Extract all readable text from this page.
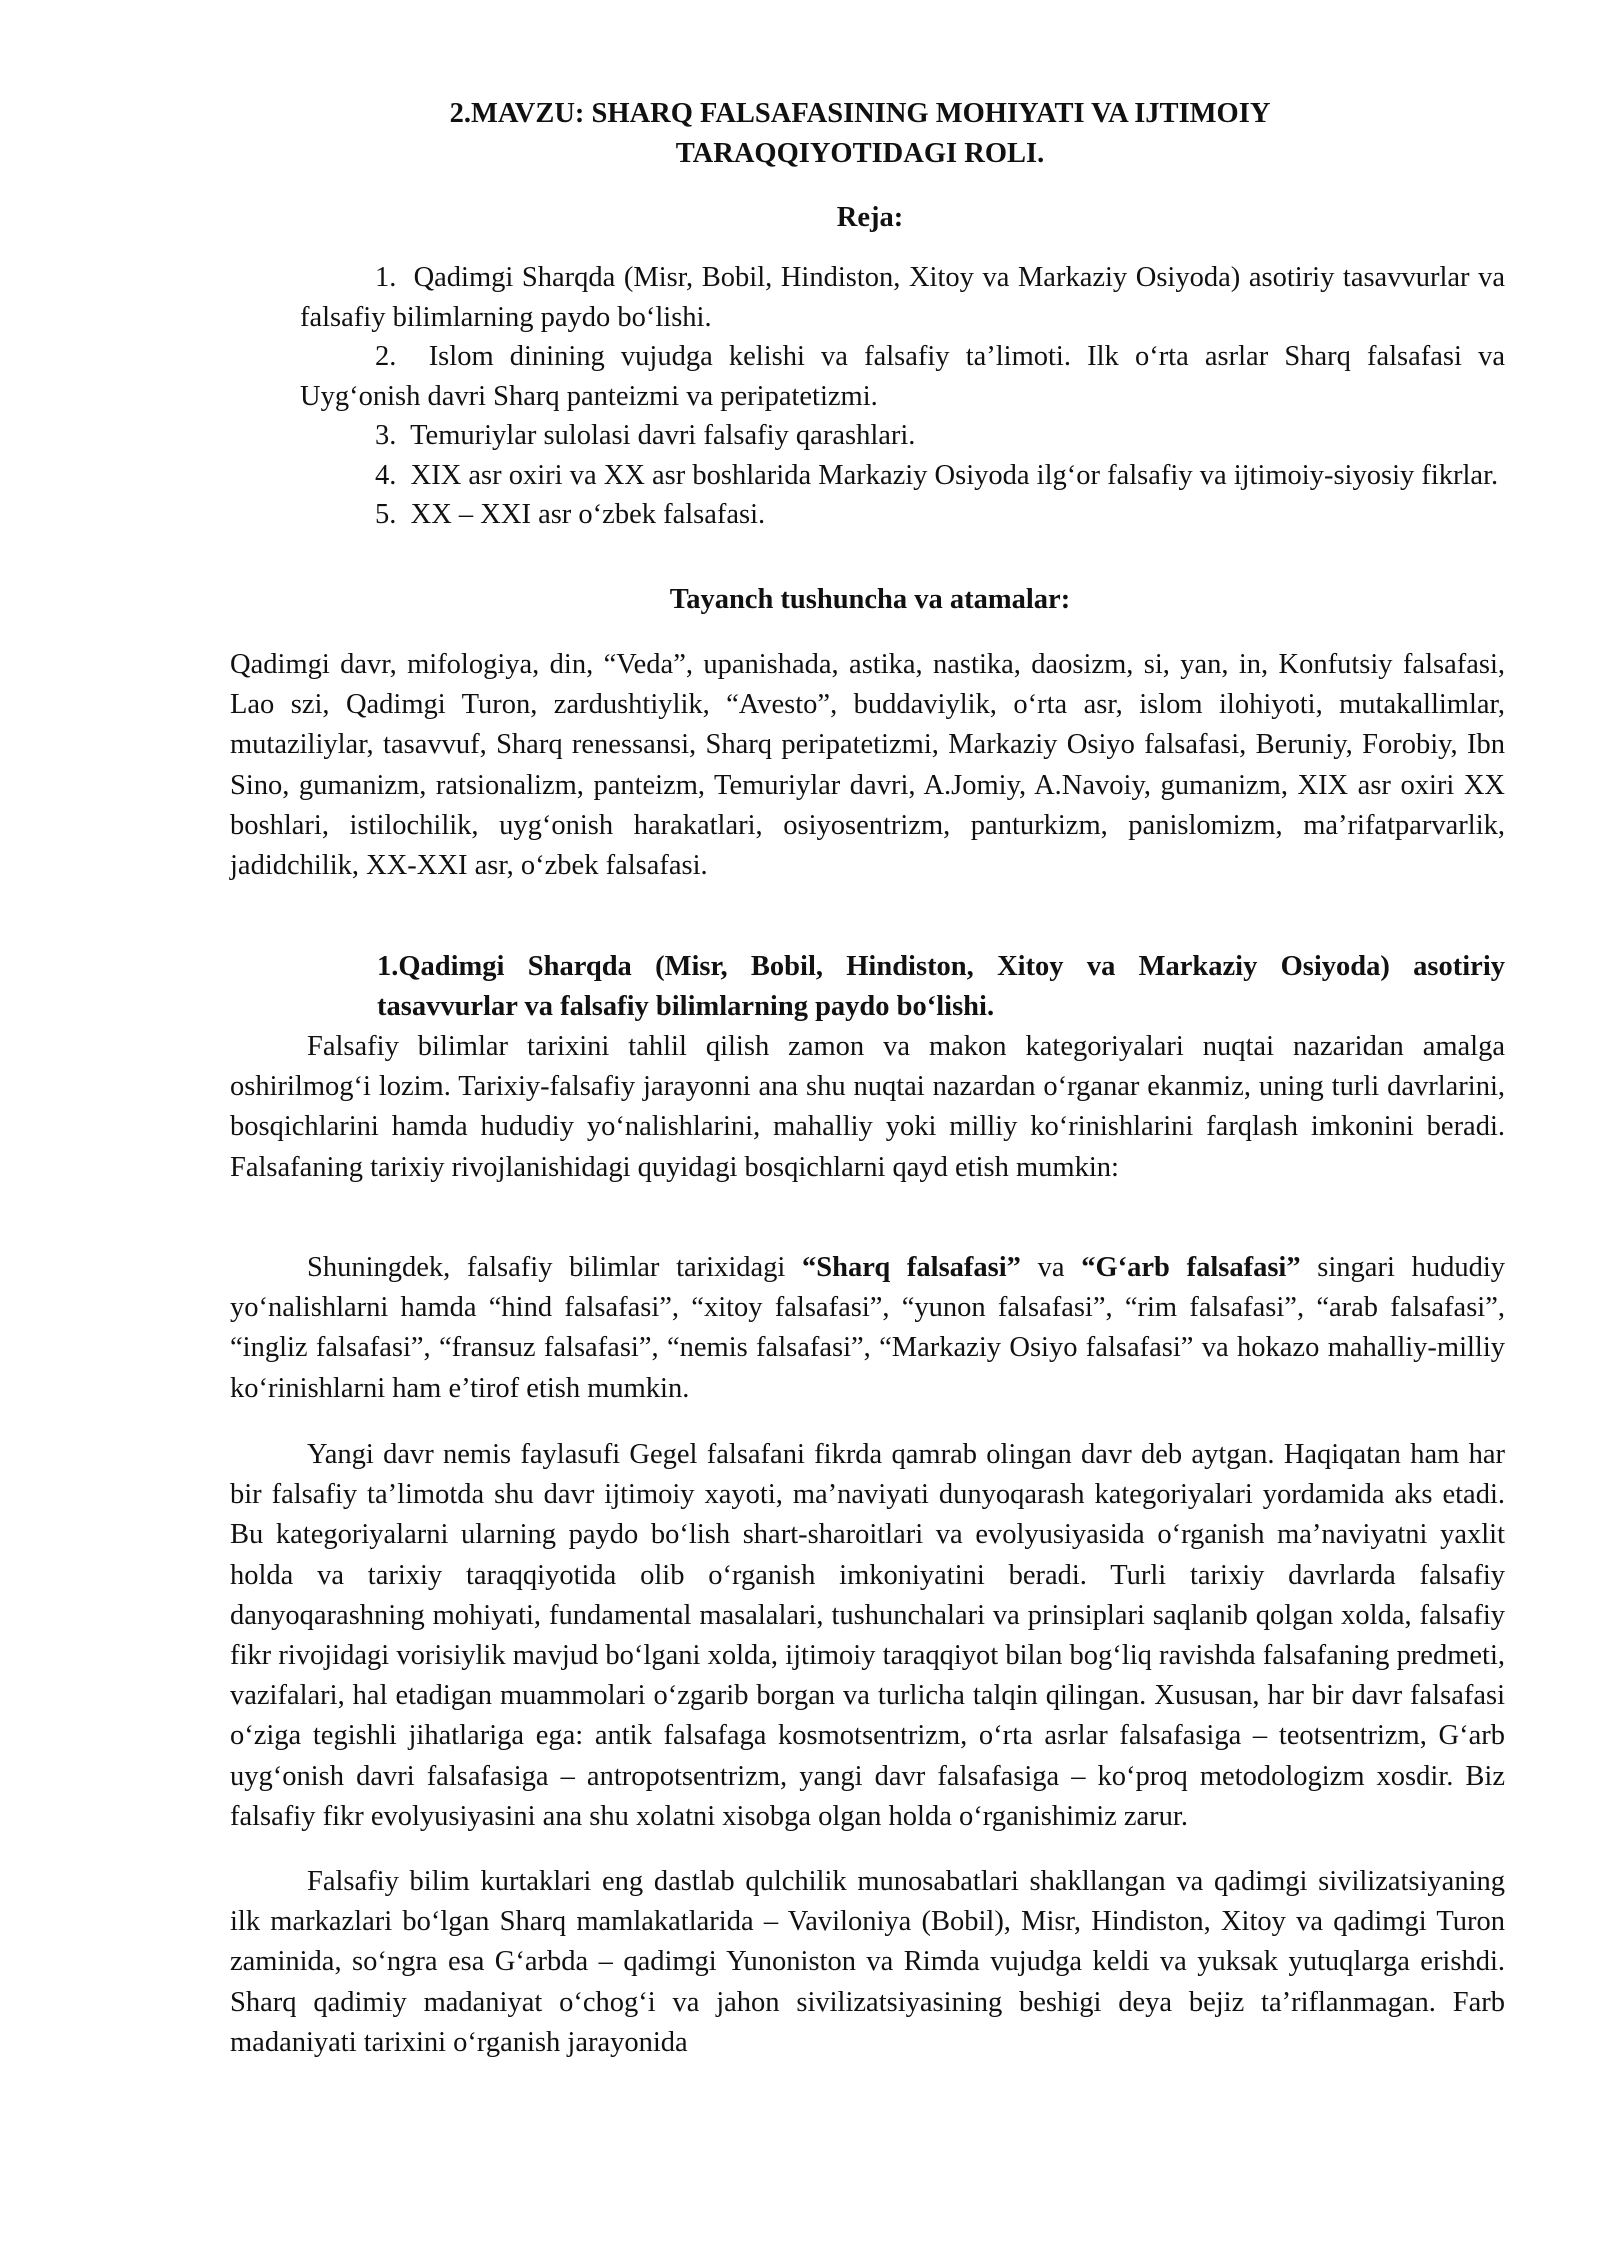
2.MAVZU: SHARQ FALSAFASINING MOHIYATI VA IJTIMOIY
TARAQQIYOTIDAGI ROLI.

Reja:

1. Qadimgi Sharqda (Misr, Bobil, Hindiston, Xitoy va Markaziy Osiyoda) asotiriy tasavvurlar va falsafiy bilimlarning paydo bo‘lishi.
2. Islom dinining vujudga kelishi va falsafiy ta’limoti. Ilk o‘rta asrlar Sharq falsafasi va Uyg‘onish davri Sharq panteizmi va peripatetizmi.
3. Temuriylar sulolasi davri falsafiy qarashlari.
4. XIX asr oxiri va XX asr boshlarida Markaziy Osiyoda ilg‘or falsafiy va ijtimoiy-siyosiy fikrlar.
5. XX – XXI asr o‘zbek falsafasi.

Tayanch tushuncha va atamalar:

Qadimgi davr, mifologiya, din, “Veda”, upanishada, astika, nastika, daosizm, si, yan, in, Konfutsiy falsafasi, Lao szi, Qadimgi Turon, zardushtiylik, “Avesto”, buddaviylik, o‘rta asr, islom ilohiyoti, mutakallimlar, mutaziliylar, tasavvuf, Sharq renessansi, Sharq peripatetizmi, Markaziy Osiyo falsafasi, Beruniy, Forobiy, Ibn Sino, gumanizm, ratsionalizm, panteizm, Temuriylar davri, A.Jomiy, A.Navoiy, gumanizm, XIX asr oxiri XX boshlari, istilochilik, uyg‘onish harakatlari, osiyosentrizm, panturkizm, panislomizm, ma’rifatparvarlik, jadidchilik, XX-XXI asr, o‘zbek falsafasi.

1.Qadimgi Sharqda (Misr, Bobil, Hindiston, Xitoy va Markaziy Osiyoda) asotiriy tasavvurlar va falsafiy bilimlarning paydo bo‘lishi.

Falsafiy bilimlar tarixini tahlil qilish zamon va makon kategoriyalari nuqtai nazaridan amalga oshirilmog‘i lozim. Tarixiy-falsafiy jarayonni ana shu nuqtai nazardan o‘rganar ekanmiz, uning turli davrlarini, bosqichlarini hamda hududiy yo‘nalishlarini, mahalliy yoki milliy ko‘rinishlarini farqlash imkonini beradi. Falsafaning tarixiy rivojlanishidagi quyidagi bosqichlarni qayd etish mumkin:

Shuningdek, falsafiy bilimlar tarixidagi “Sharq falsafasi” va “G‘arb falsafasi” singari hududiy yo‘nalishlarni hamda “hind falsafasi”, “xitoy falsafasi”, “yunon falsafasi”, “rim falsafasi”, “arab falsafasi”, “ingliz falsafasi”, “fransuz falsafasi”, “nemis falsafasi”, “Markaziy Osiyo falsafasi” va hokazo mahalliy-milliy ko‘rinishlarni ham e’tirof etish mumkin.

Yangi davr nemis faylasufi Gegel falsafani fikrda qamrab olingan davr deb aytgan. Haqiqatan ham har bir falsafiy ta’limotda shu davr ijtimoiy xayoti, ma’naviyati dunyoqarash kategoriyalari yordamida aks etadi. Bu kategoriyalarni ularning paydo bo‘lish shart-sharoitlari va evolyusiyasida o‘rganish ma’naviyatni yaxlit holda va tarixiy taraqqiyotida olib o‘rganish imkoniyatini beradi. Turli tarixiy davrlarda falsafiy danyoqarashning mohiyati, fundamental masalalari, tushunchalari va prinsiplari saqlanib qolgan xolda, falsafiy fikr rivojidagi vorisiylik mavjud bo‘lgani xolda, ijtimoiy taraqqiyot bilan bog‘liq ravishda falsafaning predmeti, vazifalari, hal etadigan muammolari o‘zgarib borgan va turlicha talqin qilingan. Xususan, har bir davr falsafasi o‘ziga tegishli jihatlariga ega: antik falsafaga kosmotsentrizm, o‘rta asrlar falsafasiga – teotsentrizm, G‘arb uyg‘onish davri falsafasiga – antropotsentrizm, yangi davr falsafasiga – ko‘proq metodologizm xosdir. Biz falsafiy fikr evolyusiyasini ana shu xolatni xisobga olgan holda o‘rganishimiz zarur.

Falsafiy bilim kurtaklari eng dastlab qulchilik munosabatlari shakllangan va qadimgi sivilizatsiyaning ilk markazlari bo‘lgan Sharq mamlakatlarida – Vaviloniya (Bobil), Misr, Hindiston, Xitoy va qadimgi Turon zaminida, so‘ngra esa G‘arbda – qadimgi Yunoniston va Rimda vujudga keldi va yuksak yutuqlarga erishdi. Sharq qadimiy madaniyat o‘chog‘i va jahon sivilizatsiyasining beshigi deya bejiz ta’riflanmagan. Farb madaniyati tarixini o‘rganish jarayonida
